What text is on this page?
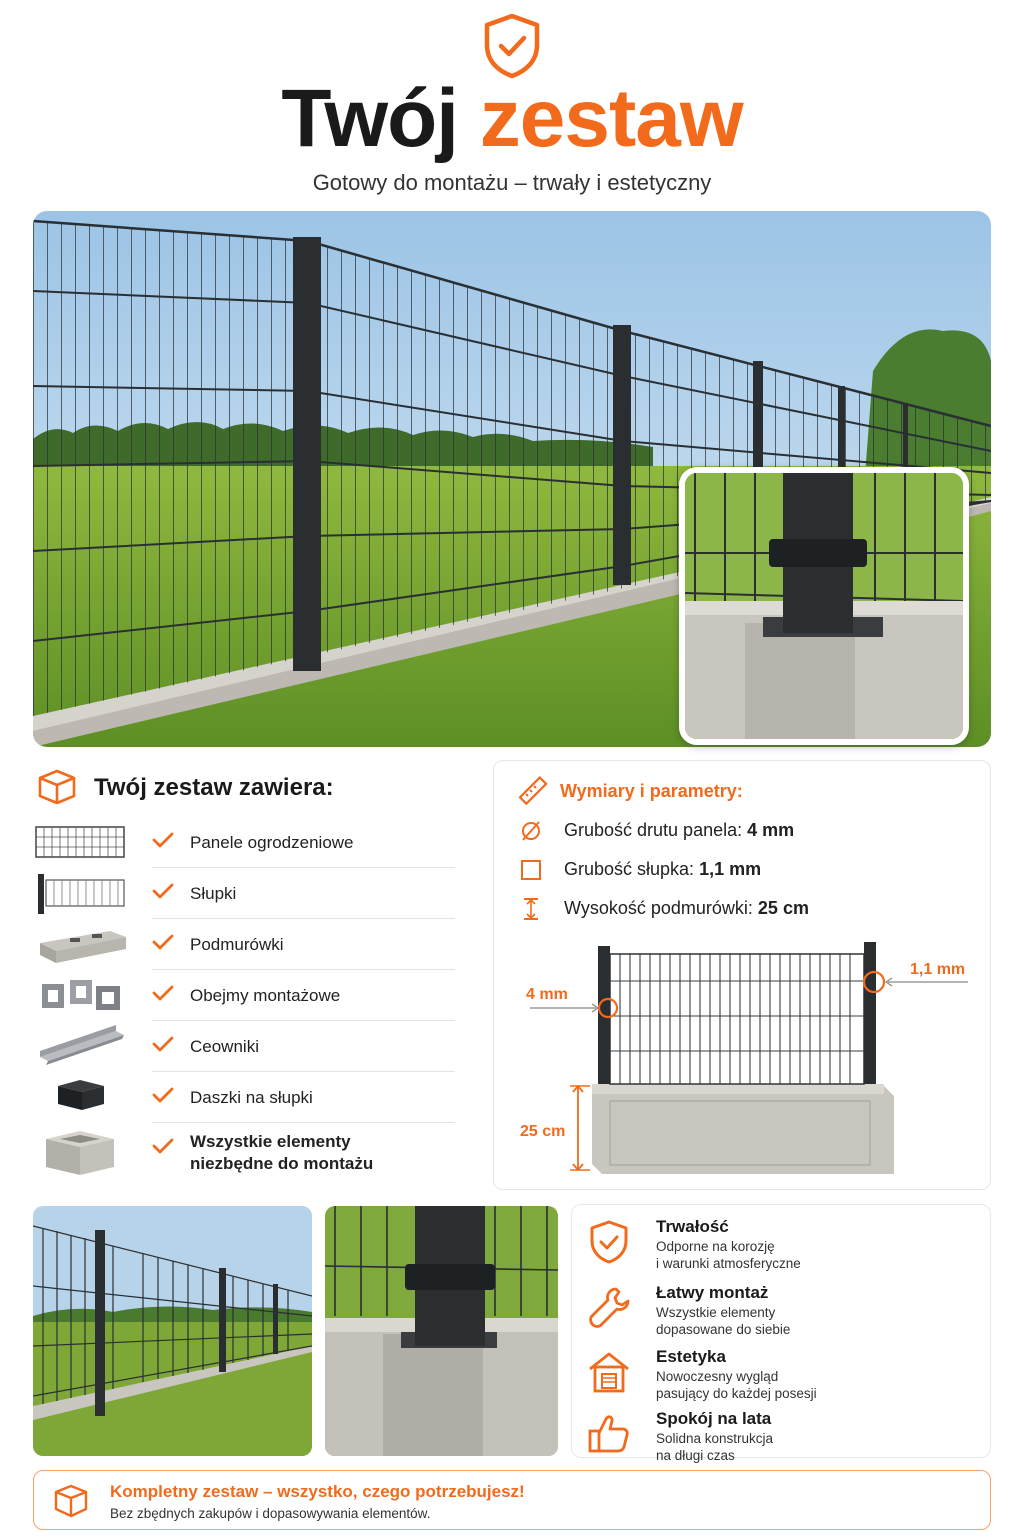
Twój zestaw
Gotowy do montażu – trwały i estetyczny
Twój zestaw zawiera:
Panele ogrodzeniowe
Słupki
Podmurówki
Obejmy montażowe
Ceowniki
Daszki na słupki
Wszystkie elementy
niezbędne do montażu
Wymiary i parametry:
Grubość drutu panela: 4 mm
Grubość słupka: 1,1 mm
Wysokość podmurówki: 25 cm
4 mm
1,1 mm
25 cm
Trwałość
Odporne na korozję
i warunki atmosferyczne
Łatwy montaż
Wszystkie elementy
dopasowane do siebie
Estetyka
Nowoczesny wygląd
pasujący do każdej posesji
Spokój na lata
Solidna konstrukcja
na długi czas
Kompletny zestaw – wszystko, czego potrzebujesz!
Bez zbędnych zakupów i dopasowywania elementów.
